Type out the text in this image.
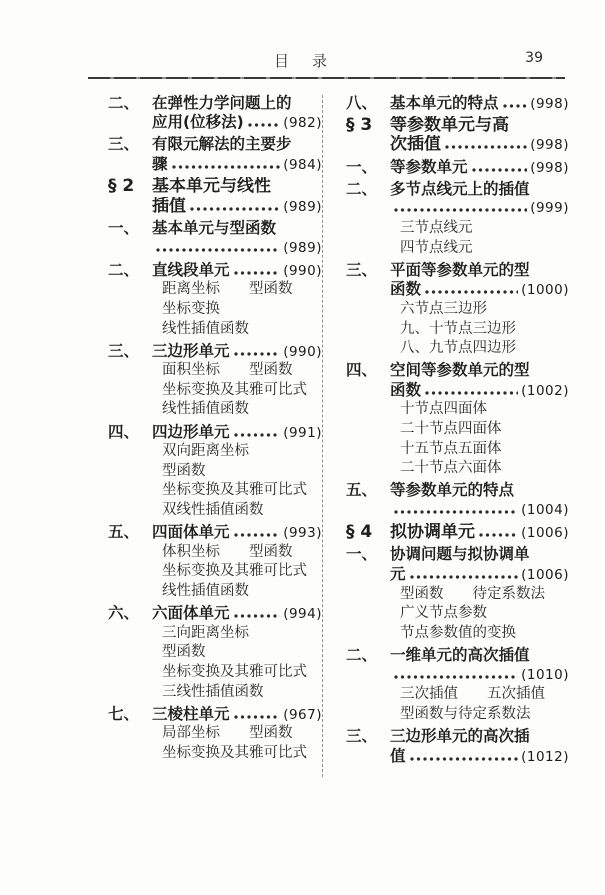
目　录	39
二、 在弹性力学问题上的
应用(位移法)	(982)
三、 有限元解法的主要步
骤	(984)
§ 2	基本单元与线性
插值	(989)
一、 基本单元与型函数
(989)
二、 直线段单元	(990)
距离坐标　　型函数
坐标变换
线性插值函数
三、 三边形单元	(990)
面积坐标　　型函数
坐标变换及其雅可比式
线性插值函数
四、 四边形单元	(991)
双向距离坐标
型函数
坐标变换及其雅可比式
双线性插值函数
五、 四面体单元	(993)
体积坐标　　型函数
坐标变换及其雅可比式
线性插值函数
六、 六面体单元	(994)
三向距离坐标
型函数
坐标变换及其雅可比式
三线性插值函数
七、 三棱柱单元	(967)
局部坐标　　型函数
坐标变换及其雅可比式
八、 基本单元的特点 (998)
§ 3	等参数单元与高
次插值	(998)
一、 等参数单元	(998)
二、 多节点线元上的插值
(999)
三节点线元
四节点线元
三、 平面等参数单元的型
函数	(1000)
六节点三边形
九、十节点三边形
八、九节点四边形
四、 空间等参数单元的型
函数	(1002)
十节点四面体
二十节点四面体
十五节点五面体
二十节点六面体
五、 等参数单元的特点
(1004)
§ 4	拟协调单元	(1006)
一、 协调问题与拟协调单
元	(1006)
型函数　　待定系数法
广义节点参数
节点参数值的变换
二、 一维单元的高次插值
(1010)
三次插值　　五次插值
型函数与待定系数法
三、 三边形单元的高次插
值	(1012)
